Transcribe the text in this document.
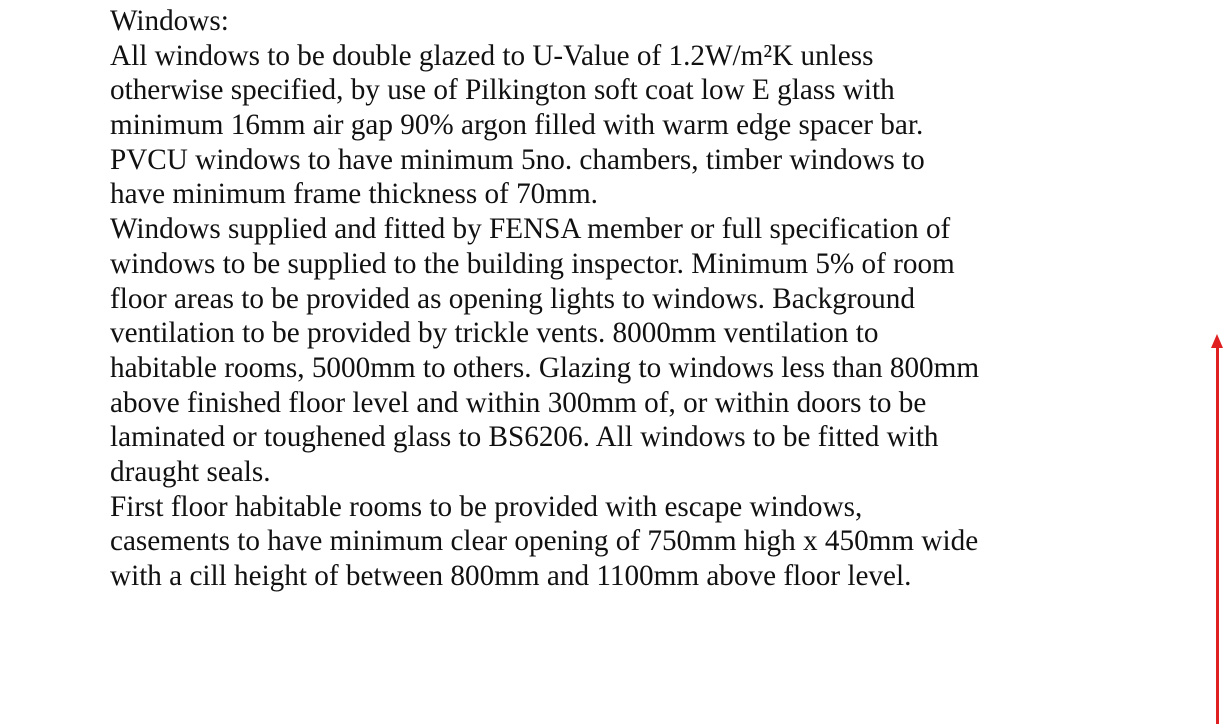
Windows:
All windows to be double glazed to U-Value of 1.2W/m²K unless
otherwise specified, by use of Pilkington soft coat low E glass with
minimum 16mm air gap 90% argon filled with warm edge spacer bar.
PVCU windows to have minimum 5no. chambers, timber windows to
have minimum frame thickness of 70mm.
Windows supplied and fitted by FENSA member or full specification of
windows to be supplied to the building inspector. Minimum 5% of room
floor areas to be provided as opening lights to windows. Background
ventilation to be provided by trickle vents. 8000mm ventilation to
habitable rooms, 5000mm to others. Glazing to windows less than 800mm
above finished floor level and within 300mm of, or within doors to be
laminated or toughened glass to BS6206. All windows to be fitted with
draught seals.
First floor habitable rooms to be provided with escape windows,
casements to have minimum clear opening of 750mm high x 450mm wide
with a cill height of between 800mm and 1100mm above floor level.
